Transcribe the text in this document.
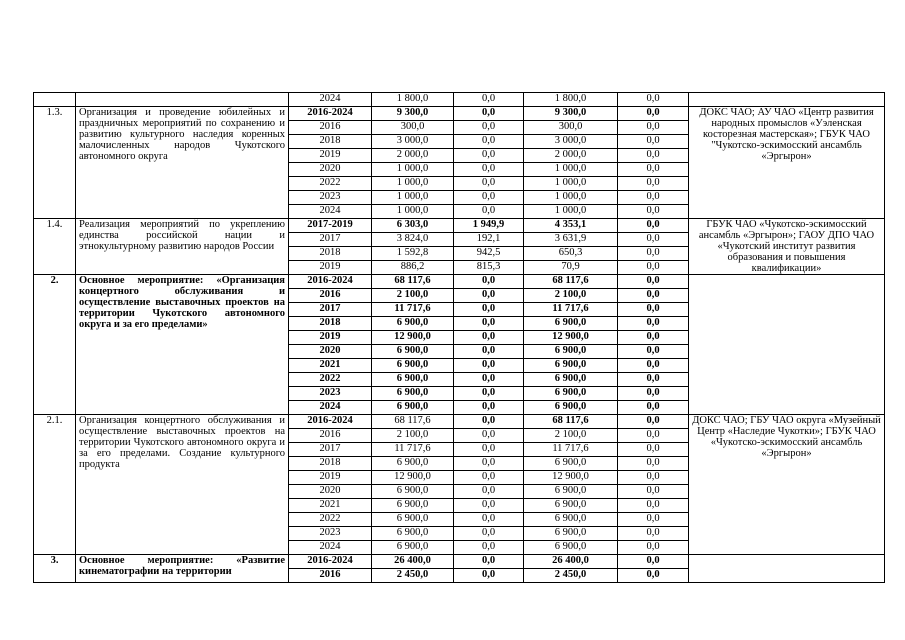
		2024	1 800,0	0,0	1 800,0	0,0	
1.3.	Организация и проведение юбилейных и праздничных мероприятий по сохранению и развитию культурного наследия коренных малочисленных народов Чукотского автономного округа	2016-2024	9 300,0	0,0	9 300,0	0,0	ДОКС ЧАО; АУ ЧАО «Центр развития народных промыслов «Уэленская косторезная мастерская»; ГБУК ЧАО "Чукотско-эскимосский ансамбль «Эргырон»
		2016	300,0	0,0	300,0	0,0	
		2018	3 000,0	0,0	3 000,0	0,0	
		2019	2 000,0	0,0	2 000,0	0,0	
		2020	1 000,0	0,0	1 000,0	0,0	
		2022	1 000,0	0,0	1 000,0	0,0	
		2023	1 000,0	0,0	1 000,0	0,0	
		2024	1 000,0	0,0	1 000,0	0,0	
1.4.	Реализация мероприятий по укреплению единства российской нации и этнокультурному развитию народов России	2017-2019	6 303,0	1 949,9	4 353,1	0,0	ГБУК ЧАО «Чукотско-эскимосский ансамбль «Эргырон»; ГАОУ ДПО ЧАО «Чукотский институт развития образования и повышения квалификации»
		2017	3 824,0	192,1	3 631,9	0,0	
		2018	1 592,8	942,5	650,3	0,0	
		2019	886,2	815,3	70,9	0,0	
2.	Основное мероприятие: «Организация концертного обслуживания и осуществление выставочных проектов на территории Чукотского автономного округа и за его пределами»	2016-2024	68 117,6	0,0	68 117,6	0,0	
		2016	2 100,0	0,0	2 100,0	0,0	
		2017	11 717,6	0,0	11 717,6	0,0	
		2018	6 900,0	0,0	6 900,0	0,0	
		2019	12 900,0	0,0	12 900,0	0,0	
		2020	6 900,0	0,0	6 900,0	0,0	
		2021	6 900,0	0,0	6 900,0	0,0	
		2022	6 900,0	0,0	6 900,0	0,0	
		2023	6 900,0	0,0	6 900,0	0,0	
		2024	6 900,0	0,0	6 900,0	0,0	
2.1.	Организация концертного обслуживания и осуществление выставочных проектов на территории Чукотского автономного округа и за его пределами. Создание культурного продукта	2016-2024	68 117,6	0,0	68 117,6	0,0	ДОКС ЧАО; ГБУ ЧАО округа «Музейный Центр «Наследие Чукотки»; ГБУК ЧАО «Чукотско-эскимосский ансамбль «Эргырон»
		2016	2 100,0	0,0	2 100,0	0,0	
		2017	11 717,6	0,0	11 717,6	0,0	
		2018	6 900,0	0,0	6 900,0	0,0	
		2019	12 900,0	0,0	12 900,0	0,0	
		2020	6 900,0	0,0	6 900,0	0,0	
		2021	6 900,0	0,0	6 900,0	0,0	
		2022	6 900,0	0,0	6 900,0	0,0	
		2023	6 900,0	0,0	6 900,0	0,0	
		2024	6 900,0	0,0	6 900,0	0,0	
3.	Основное мероприятие: «Развитие кинематографии на территории	2016-2024	26 400,0	0,0	26 400,0	0,0	
		2016	2 450,0	0,0	2 450,0	0,0	
